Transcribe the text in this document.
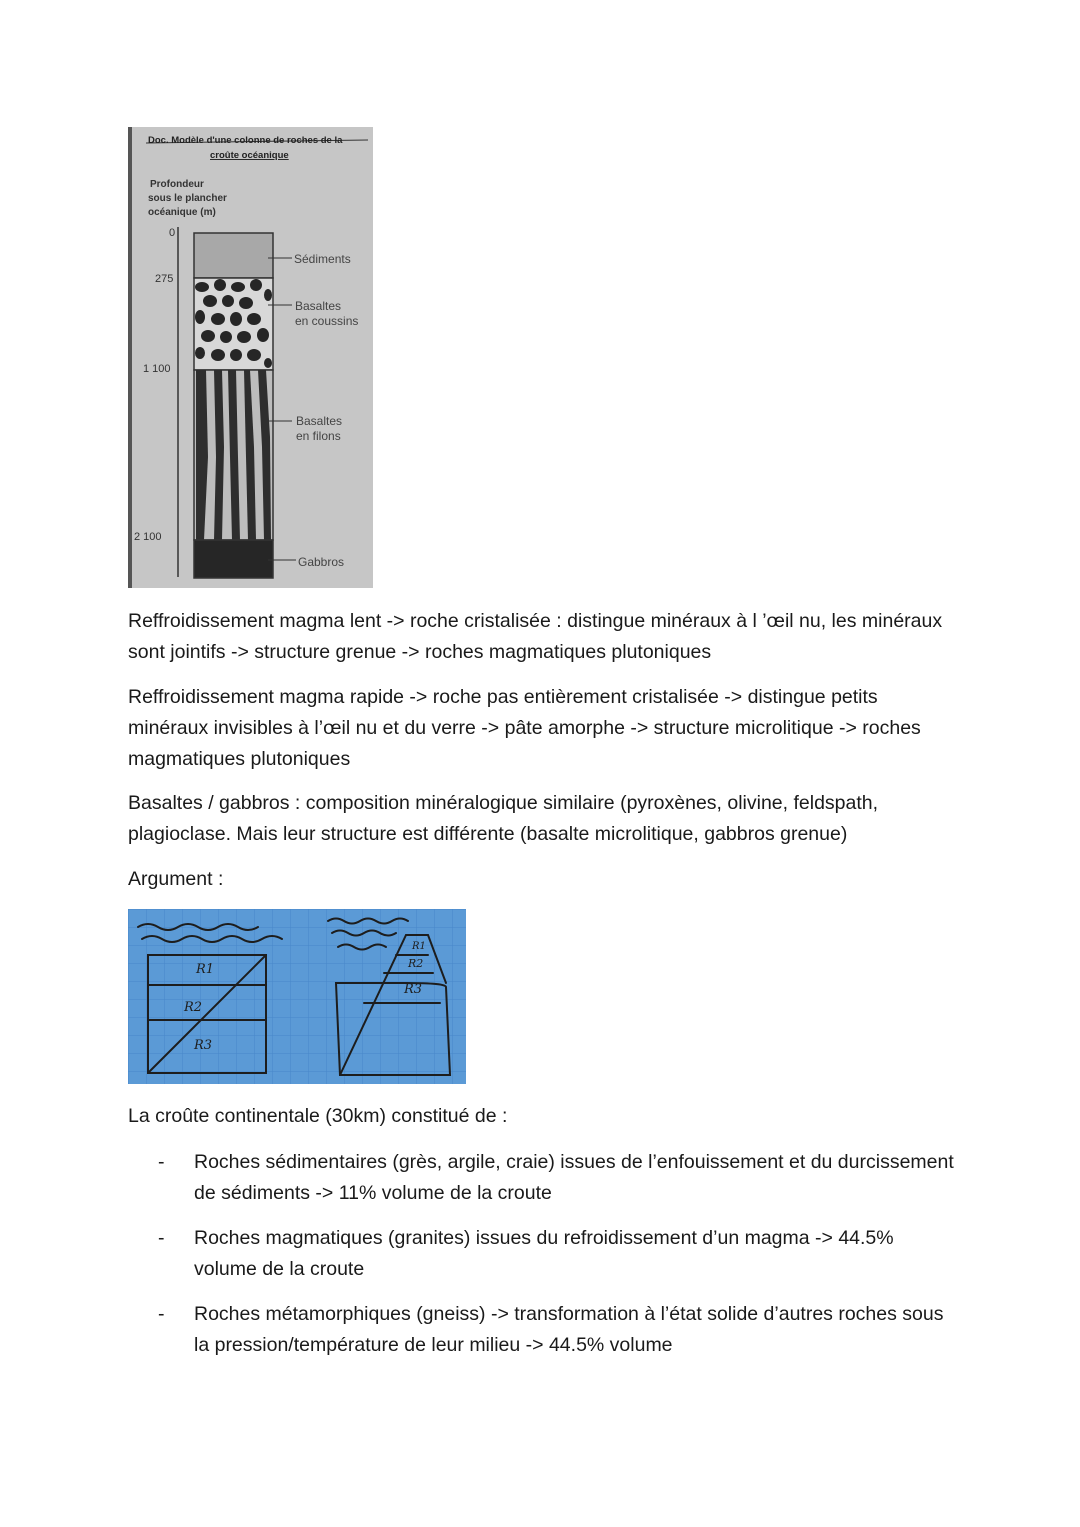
Doc. Modèle d'une colonne de roches de la
croûte océanique
Profondeur
sous le plancher
océanique (m)
0
275
1 100
2 100
Sédiments
Basaltes
en coussins
Basaltes
en filons
Gabbros

Reffroidissement magma lent -> roche cristalisée : distingue minéraux à l ’œil nu, les minéraux sont jointifs -> structure grenue -> roches magmatiques plutoniques

Reffroidissement magma rapide -> roche pas entièrement cristalisée -> distingue petits minéraux invisibles à l’œil nu et du verre -> pâte amorphe -> structure microlitique -> roches magmatiques plutoniques

Basaltes / gabbros : composition minéralogique similaire (pyroxènes, olivine, feldspath, plagioclase. Mais leur structure est différente (basalte microlitique, gabbros grenue)

Argument :

R1
R2
R3
R1
R2
R3

La croûte continentale (30km) constitué de :

- Roches sédimentaires (grès, argile, craie) issues de l’enfouissement et du durcissement de sédiments -> 11% volume de la croute
- Roches magmatiques (granites) issues du refroidissement d’un magma -> 44.5% volume de la croute
- Roches métamorphiques (gneiss) -> transformation à l’état solide d’autres roches sous la pression/température de leur milieu -> 44.5% volume
